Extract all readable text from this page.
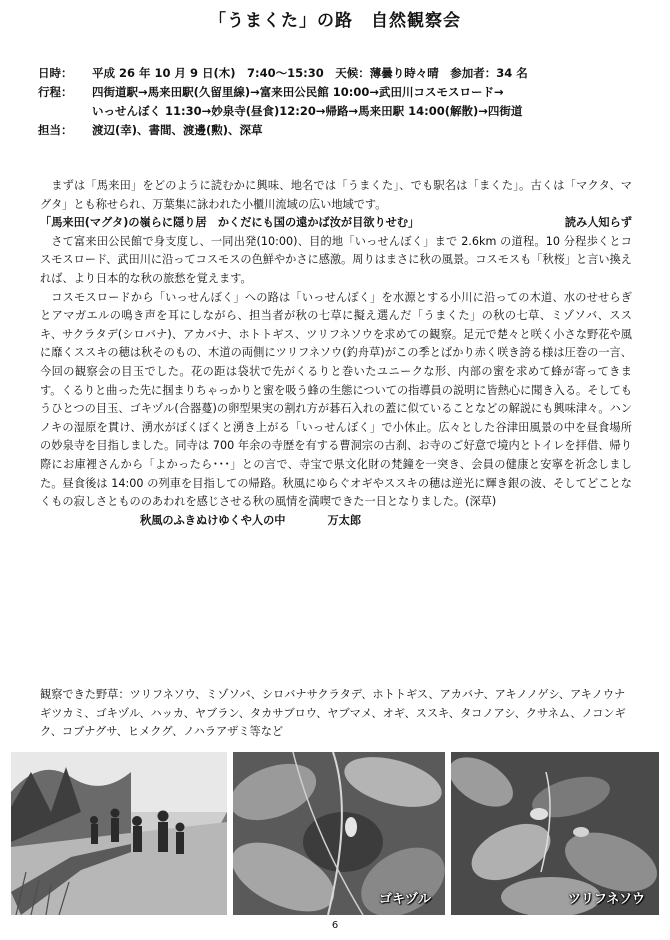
「うまくた」の路　自然観察会
日時：	平成 26 年 10 月 9 日(木)　7:40～15:30　天候：薄曇り時々晴　参加者：34 名
行程：	四街道駅→馬来田駅(久留里線)→富来田公民館 10:00→武田川コスモスロード→
いっせんぼく 11:30→妙泉寺(昼食)12:20→帰路→馬来田駅 14:00(解散)→四街道
担当：	渡辺(幸)、書間、渡邊(勲)、深草

まずは「馬来田」をどのように読むかに興味、地名では「うまくた」、でも駅名は「まくた」。古くは「マクタ、マグタ」とも称せられ、万葉集に詠われた小櫃川流域の広い地域です。

「馬来田(マグタ)の嶺らに隠り居　かくだにも国の遠かば汝が目欲りせむ」	読み人知らず

さて富来田公民館で身支度し、一同出発(10:00)、目的地「いっせんぼく」まで 2.6km の道程。10 分程歩くとコスモスロード、武田川に沿ってコスモスの色鮮やかさに感激。周りはまさに秋の風景。コスモスも「秋桜」と言い換えれば、より日本的な秋の旅愁を覚えます。

コスモスロードから「いっせんぼく」への路は「いっせんぼく」を水源とする小川に沿っての木道、水のせせらぎとアマガエルの鳴き声を耳にしながら、担当者が秋の七草に擬え選んだ「うまくた」の秋の七草、ミゾソバ、ススキ、サクラタデ(シロバナ)、アカバナ、ホトトギス、ツリフネソウを求めての観察。足元で楚々と咲く小さな野花や風に靡くススキの穂は秋そのもの、木道の両側にツリフネソウ(釣舟草)がこの季とばかり赤く咲き誇る様は圧巻の一言、今回の観察会の目玉でした。花の距は袋状で先がくるりと巻いたユニークな形、内部の蜜を求めて蜂が寄ってきます。くるりと曲った先に掴まりちゃっかりと蜜を吸う蜂の生態についての指導員の説明に皆熱心に聞き入る。そしてもうひとつの目玉、ゴキヅル(合器蔓)の卵型果実の割れ方が碁石入れの蓋に似ていることなどの解説にも興味津々。ハンノキの湿原を貫け、湧水がぼくぼくと湧き上がる「いっせんぼく」で小休止。広々とした谷津田風景の中を昼食場所の妙泉寺を目指しました。同寺は 700 年余の寺歴を有する曹洞宗の古刹、お寺のご好意で境内とトイレを拝借、帰り際にお庫裡さんから「よかったら･･･」との言で、寺宝で県文化財の梵鐘を一突き、会員の健康と安寧を祈念しました。昼食後は 14:00 の列車を目指しての帰路。秋風にゆらぐオギやススキの穂は逆光に輝き銀の波、そしてどことなくもの寂しさともののあわれを感じさせる秋の風情を満喫できた一日となりました。(深草)

秋風のふきぬけゆくや人の中	万太郎

観察できた野草：ツリフネソウ、ミゾソバ、シロバナサクラタデ、ホトトギス、アカバナ、アキノノゲシ、アキノウナギツカミ、ゴキヅル、ハッカ、ヤブラン、タカサブロウ、ヤブマメ、オギ、ススキ、タコノアシ、クサネム、ノコンギク、コブナグサ、ヒメクグ、ノハラアザミ等など
ゴキヅル	ツリフネソウ
6
